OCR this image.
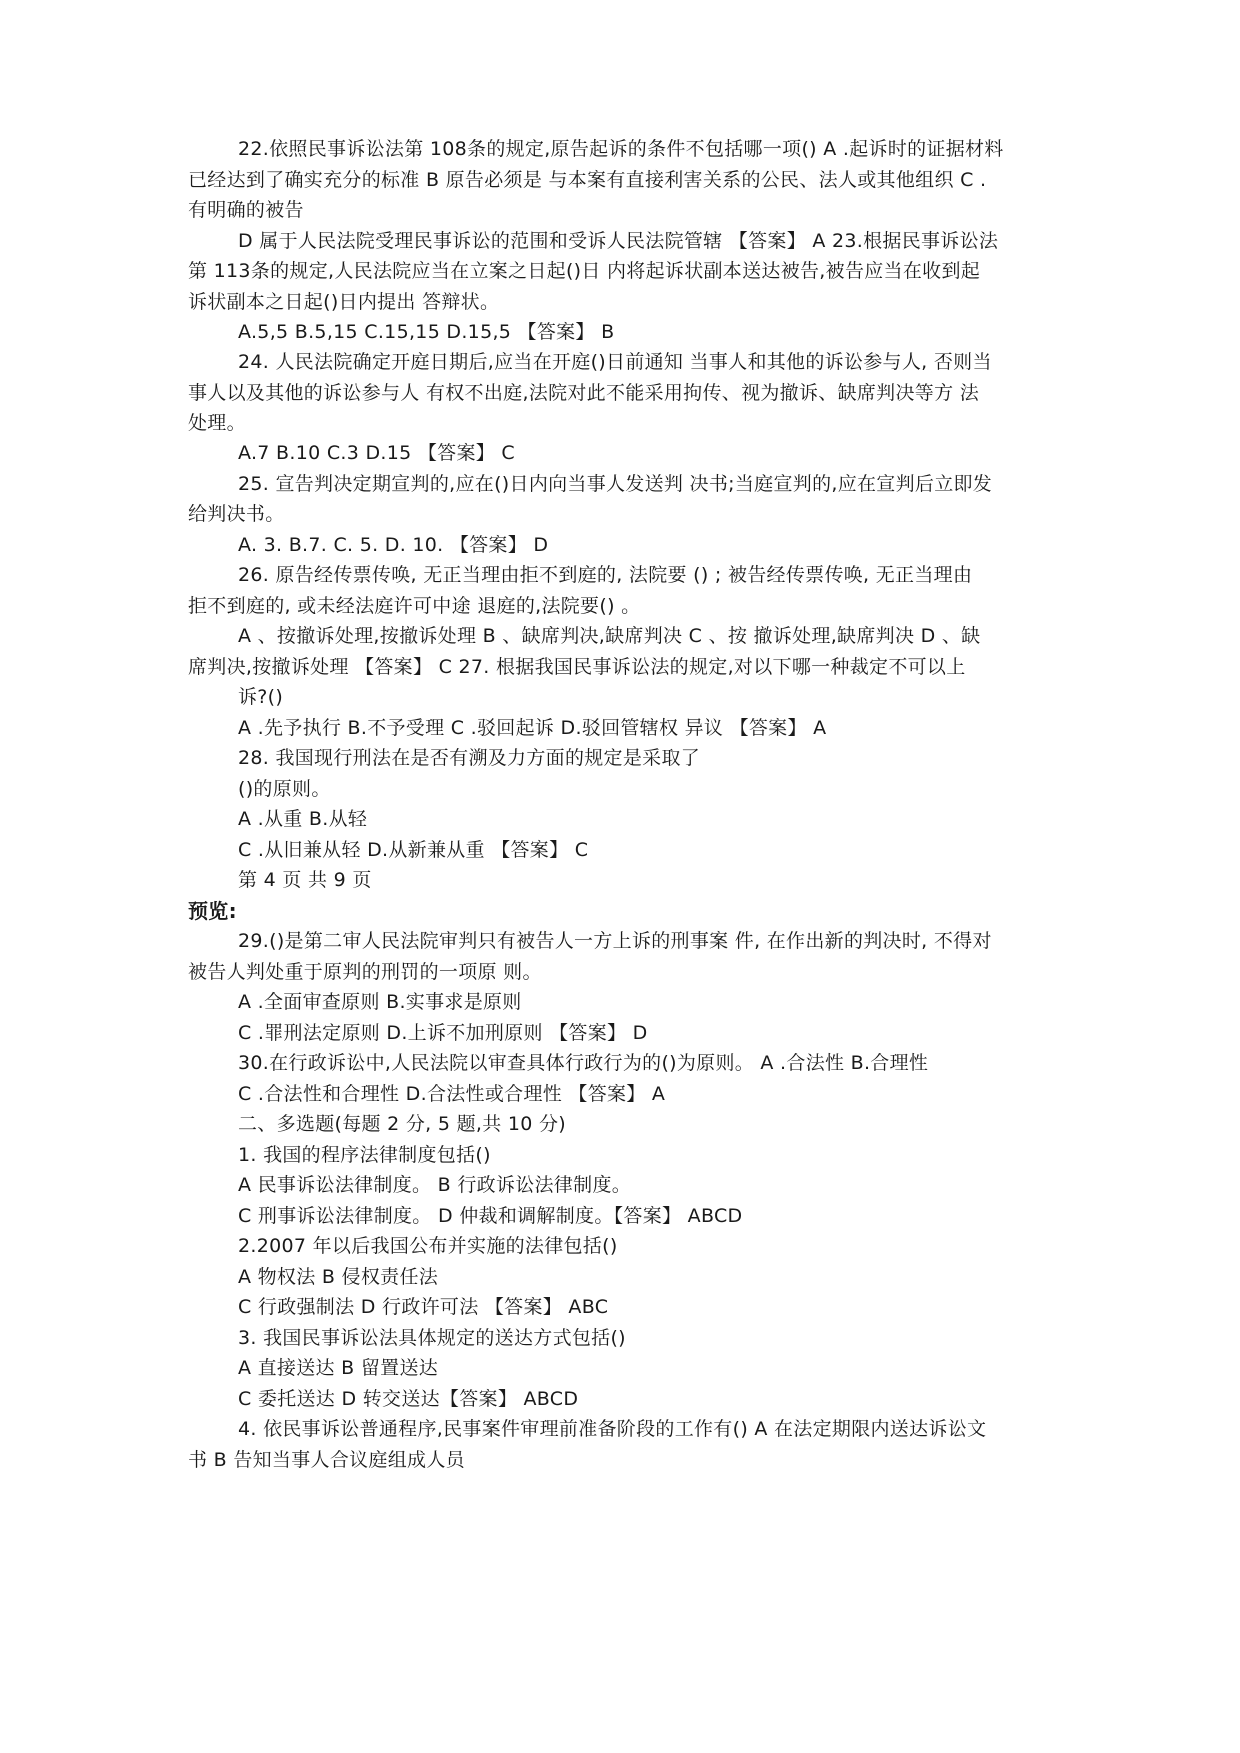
22.依照民事诉讼法第 108条的规定,原告起诉的条件不包括哪一项() A .起诉时的证据材料
已经达到了确实充分的标准 B 原告必须是 与本案有直接利害关系的公民、法人或其他组织 C .
有明确的被告
D 属于人民法院受理民事诉讼的范围和受诉人民法院管辖 【答案】 A 23.根据民事诉讼法
第 113条的规定,人民法院应当在立案之日起()日 内将起诉状副本送达被告,被告应当在收到起
诉状副本之日起()日内提出 答辩状。
A.5,5 B.5,15 C.15,15 D.15,5 【答案】 B
24. 人民法院确定开庭日期后,应当在开庭()日前通知 当事人和其他的诉讼参与人, 否则当
事人以及其他的诉讼参与人 有权不出庭,法院对此不能采用拘传、视为撤诉、缺席判决等方 法
处理。
A.7 B.10 C.3 D.15 【答案】 C
25. 宣告判决定期宣判的,应在()日内向当事人发送判 决书;当庭宣判的,应在宣判后立即发
给判决书。
A. 3. B.7. C. 5. D. 10. 【答案】 D
26. 原告经传票传唤, 无正当理由拒不到庭的, 法院要 () ; 被告经传票传唤, 无正当理由
拒不到庭的, 或未经法庭许可中途 退庭的,法院要() 。
A 、按撤诉处理,按撤诉处理 B 、缺席判决,缺席判决 C 、按 撤诉处理,缺席判决 D 、缺
席判决,按撤诉处理 【答案】 C 27. 根据我国民事诉讼法的规定,对以下哪一种裁定不可以上
诉?()
A .先予执行 B.不予受理 C .驳回起诉 D.驳回管辖权 异议 【答案】 A
28. 我国现行刑法在是否有溯及力方面的规定是采取了
()的原则。
A .从重 B.从轻
C .从旧兼从轻 D.从新兼从重 【答案】 C
第 4 页 共 9 页
预览:
29.()是第二审人民法院审判只有被告人一方上诉的刑事案 件, 在作出新的判决时, 不得对
被告人判处重于原判的刑罚的一项原 则。
A .全面审查原则 B.实事求是原则
C .罪刑法定原则 D.上诉不加刑原则 【答案】 D
30.在行政诉讼中,人民法院以审查具体行政行为的()为原则。 A .合法性 B.合理性
C .合法性和合理性 D.合法性或合理性 【答案】 A
二、多选题(每题 2 分, 5 题,共 10 分)
1. 我国的程序法律制度包括()
A 民事诉讼法律制度。 B 行政诉讼法律制度。
C 刑事诉讼法律制度。 D 仲裁和调解制度。【答案】 ABCD
2.2007 年以后我国公布并实施的法律包括()
A 物权法 B 侵权责任法
C 行政强制法 D 行政许可法 【答案】 ABC
3. 我国民事诉讼法具体规定的送达方式包括()
A 直接送达 B 留置送达
C 委托送达 D 转交送达【答案】 ABCD
4. 依民事诉讼普通程序,民事案件审理前准备阶段的工作有() A 在法定期限内送达诉讼文
书 B 告知当事人合议庭组成人员
